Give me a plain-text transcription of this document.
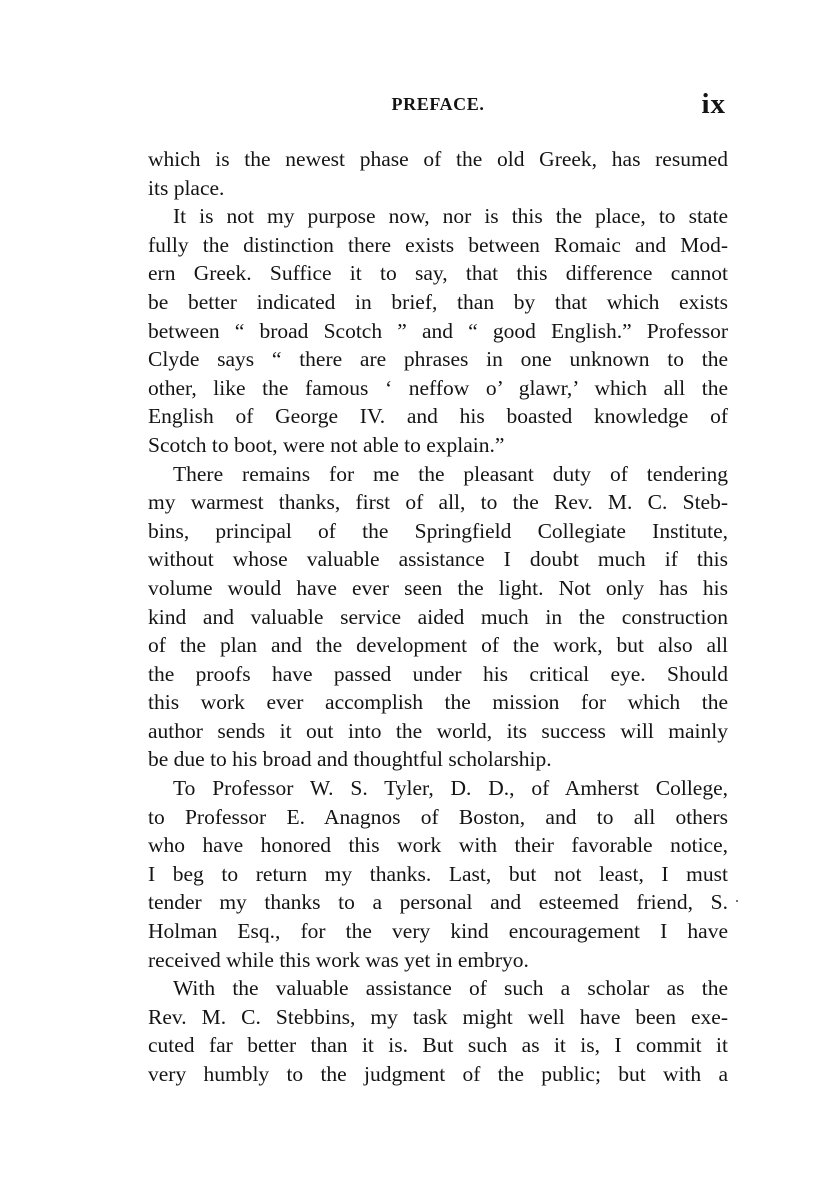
PREFACE.	ix
which is the newest phase of the old Greek, has resumed
its place.
It is not my purpose now, nor is this the place, to state
fully the distinction there exists between Romaic and Mod-
ern Greek. Suffice it to say, that this difference cannot
be better indicated in brief, than by that which exists
between “ broad Scotch ” and “ good English.” Professor
Clyde says “ there are phrases in one unknown to the
other, like the famous ‘ neffow o’ glawr,’ which all the
English of George IV. and his boasted knowledge of
Scotch to boot, were not able to explain.”
There remains for me the pleasant duty of tendering
my warmest thanks, first of all, to the Rev. M. C. Steb-
bins, principal of the Springfield Collegiate Institute,
without whose valuable assistance I doubt much if this
volume would have ever seen the light. Not only has his
kind and valuable service aided much in the construction
of the plan and the development of the work, but also all
the proofs have passed under his critical eye. Should
this work ever accomplish the mission for which the
author sends it out into the world, its success will mainly
be due to his broad and thoughtful scholarship.
To Professor W. S. Tyler, D. D., of Amherst College,
to Professor E. Anagnos of Boston, and to all others
who have honored this work with their favorable notice,
I beg to return my thanks. Last, but not least, I must
tender my thanks to a personal and esteemed friend, S.
Holman Esq., for the very kind encouragement I have
received while this work was yet in embryo.
With the valuable assistance of such a scholar as the
Rev. M. C. Stebbins, my task might well have been exe-
cuted far better than it is. But such as it is, I commit it
very humbly to the judgment of the public; but with a
